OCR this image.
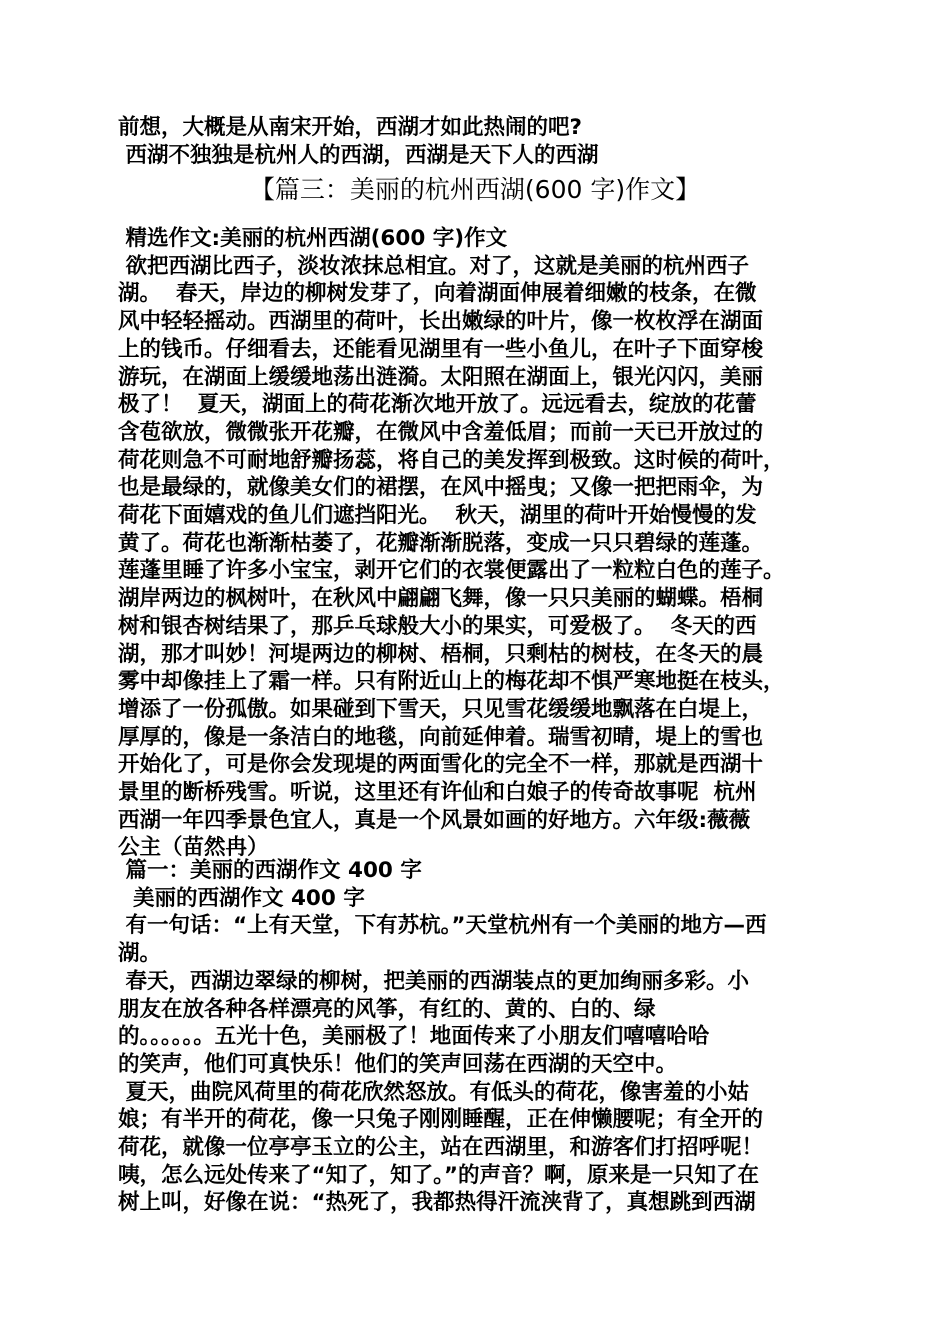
前想，大概是从南宋开始，西湖才如此热闹的吧?
西湖不独独是杭州人的西湖，西湖是天下人的西湖

【篇三：美丽的杭州西湖(600 字)作文】

精选作文:美丽的杭州西湖(600 字)作文
欲把西湖比西子，淡妆浓抹总相宜。对了，这就是美丽的杭州西子
湖。  春天，岸边的柳树发芽了，向着湖面伸展着细嫩的枝条，在微
风中轻轻摇动。西湖里的荷叶，长出嫩绿的叶片，像一枚枚浮在湖面
上的钱币。仔细看去，还能看见湖里有一些小鱼儿，在叶子下面穿梭
游玩，在湖面上缓缓地荡出涟漪。太阳照在湖面上，银光闪闪，美丽
极了！  夏天，湖面上的荷花渐次地开放了。远远看去，绽放的花蕾
含苞欲放，微微张开花瓣，在微风中含羞低眉；而前一天已开放过的
荷花则急不可耐地舒瓣扬蕊，将自己的美发挥到极致。这时候的荷叶，
也是最绿的，就像美女们的裙摆，在风中摇曳；又像一把把雨伞，为
荷花下面嬉戏的鱼儿们遮挡阳光。  秋天，湖里的荷叶开始慢慢的发
黄了。荷花也渐渐枯萎了，花瓣渐渐脱落，变成一只只碧绿的莲蓬。
莲蓬里睡了许多小宝宝，剥开它们的衣裳便露出了一粒粒白色的莲子。
湖岸两边的枫树叶，在秋风中翩翩飞舞，像一只只美丽的蝴蝶。梧桐
树和银杏树结果了，那乒乓球般大小的果实，可爱极了。  冬天的西
湖，那才叫妙！河堤两边的柳树、梧桐，只剩枯的树枝，在冬天的晨
雾中却像挂上了霜一样。只有附近山上的梅花却不惧严寒地挺在枝头，
增添了一份孤傲。如果碰到下雪天，只见雪花缓缓地飘落在白堤上，
厚厚的，像是一条洁白的地毯，向前延伸着。瑞雪初晴，堤上的雪也
开始化了，可是你会发现堤的两面雪化的完全不一样，那就是西湖十
景里的断桥残雪。听说，这里还有许仙和白娘子的传奇故事呢  杭州
西湖一年四季景色宜人，真是一个风景如画的好地方。六年级:薇薇
公主（苗然冉）

篇一：美丽的西湖作文 400 字
美丽的西湖作文 400 字
有一句话：“上有天堂，下有苏杭。”天堂杭州有一个美丽的地方—西
湖。
春天，西湖边翠绿的柳树，把美丽的西湖装点的更加绚丽多彩。小
朋友在放各种各样漂亮的风筝，有红的、黄的、白的、绿
的。。。。。。五光十色，美丽极了！地面传来了小朋友们嘻嘻哈哈
的笑声，他们可真快乐！他们的笑声回荡在西湖的天空中。
夏天，曲院风荷里的荷花欣然怒放。有低头的荷花，像害羞的小姑
娘；有半开的荷花，像一只兔子刚刚睡醒，正在伸懒腰呢；有全开的
荷花，就像一位亭亭玉立的公主，站在西湖里，和游客们打招呼呢！
咦，怎么远处传来了“知了，知了。”的声音？啊，原来是一只知了在
树上叫，好像在说：“热死了，我都热得汗流浃背了，真想跳到西湖
